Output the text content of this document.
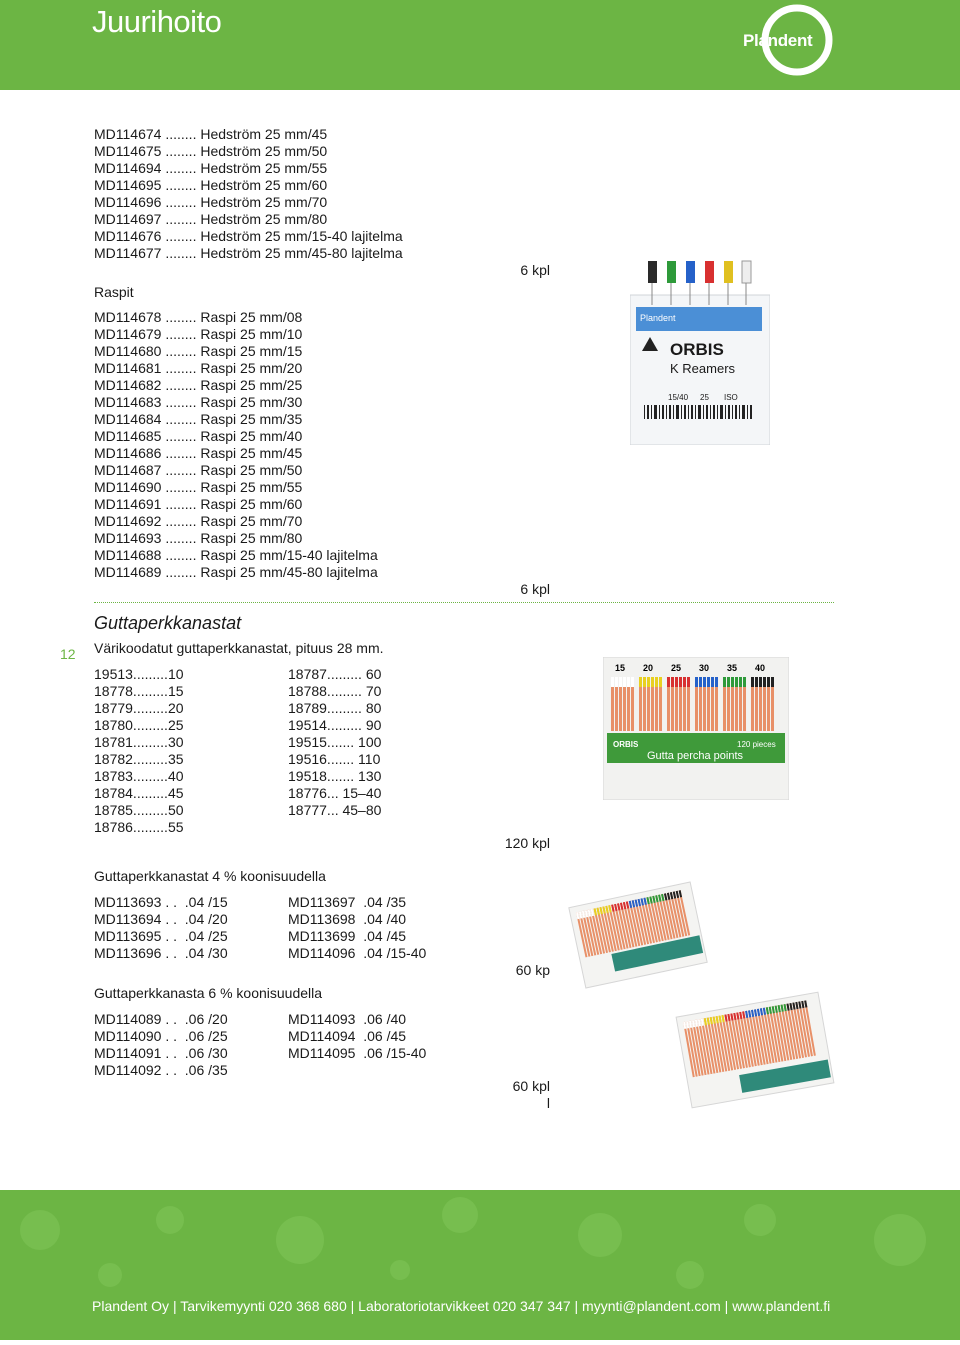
Juurihoito
Plandent
MD114674 ........ Hedström 25 mm/45
MD114675 ........ Hedström 25 mm/50
MD114694 ........ Hedström 25 mm/55
MD114695 ........ Hedström 25 mm/60
MD114696 ........ Hedström 25 mm/70
MD114697 ........ Hedström 25 mm/80
MD114676 ........ Hedström 25 mm/15-40 lajitelma
MD114677 ........ Hedström 25 mm/45-80 lajitelma
6 kpl
Raspit
MD114678 ........ Raspi 25 mm/08
MD114679 ........ Raspi 25 mm/10
MD114680 ........ Raspi 25 mm/15
MD114681 ........ Raspi 25 mm/20
MD114682 ........ Raspi 25 mm/25
MD114683 ........ Raspi 25 mm/30
MD114684 ........ Raspi 25 mm/35
MD114685 ........ Raspi 25 mm/40
MD114686 ........ Raspi 25 mm/45
MD114687 ........ Raspi 25 mm/50
MD114690 ........ Raspi 25 mm/55
MD114691 ........ Raspi 25 mm/60
MD114692 ........ Raspi 25 mm/70
MD114693 ........ Raspi 25 mm/80
MD114688 ........ Raspi 25 mm/15-40 lajitelma
MD114689 ........ Raspi 25 mm/45-80 lajitelma
6 kpl
Plandent
ORBIS
K Reamers
15/40 25 ISO
12
Guttaperkkanastat
Värikoodatut guttaperkkanastat, pituus 28 mm.
19513.........10
18778.........15
18779.........20
18780.........25
18781.........30
18782.........35
18783.........40
18784.........45
18785.........50
18786.........55
18787......... 60
18788......... 70
18789......... 80
19514......... 90
19515....... 100
19516....... 110
19518....... 130
18776... 15–40
18777... 45–80
120 kpl
15 20 25 30 35 40
ORBIS	120 pieces
Gutta percha points
Guttaperkkanastat 4 % koonisuudella
MD113693 . .  .04 /15
MD113694 . .  .04 /20
MD113695 . .  .04 /25
MD113696 . .  .04 /30
MD113697  .04 /35
MD113698  .04 /40
MD113699  .04 /45
MD114096  .04 /15-40
60 kp
Guttaperkkanasta 6 % koonisuudella
MD114089 . .  .06 /20
MD114090 . .  .06 /25
MD114091 . .  .06 /30
MD114092 . .  .06 /35
MD114093  .06 /40
MD114094  .06 /45
MD114095  .06 /15-40
60 kpl
l
Plandent Oy | Tarvikemyynti 020 368 680 | Laboratoriotarvikkeet 020 347 347 | myynti@plandent.com | www.plandent.fi
